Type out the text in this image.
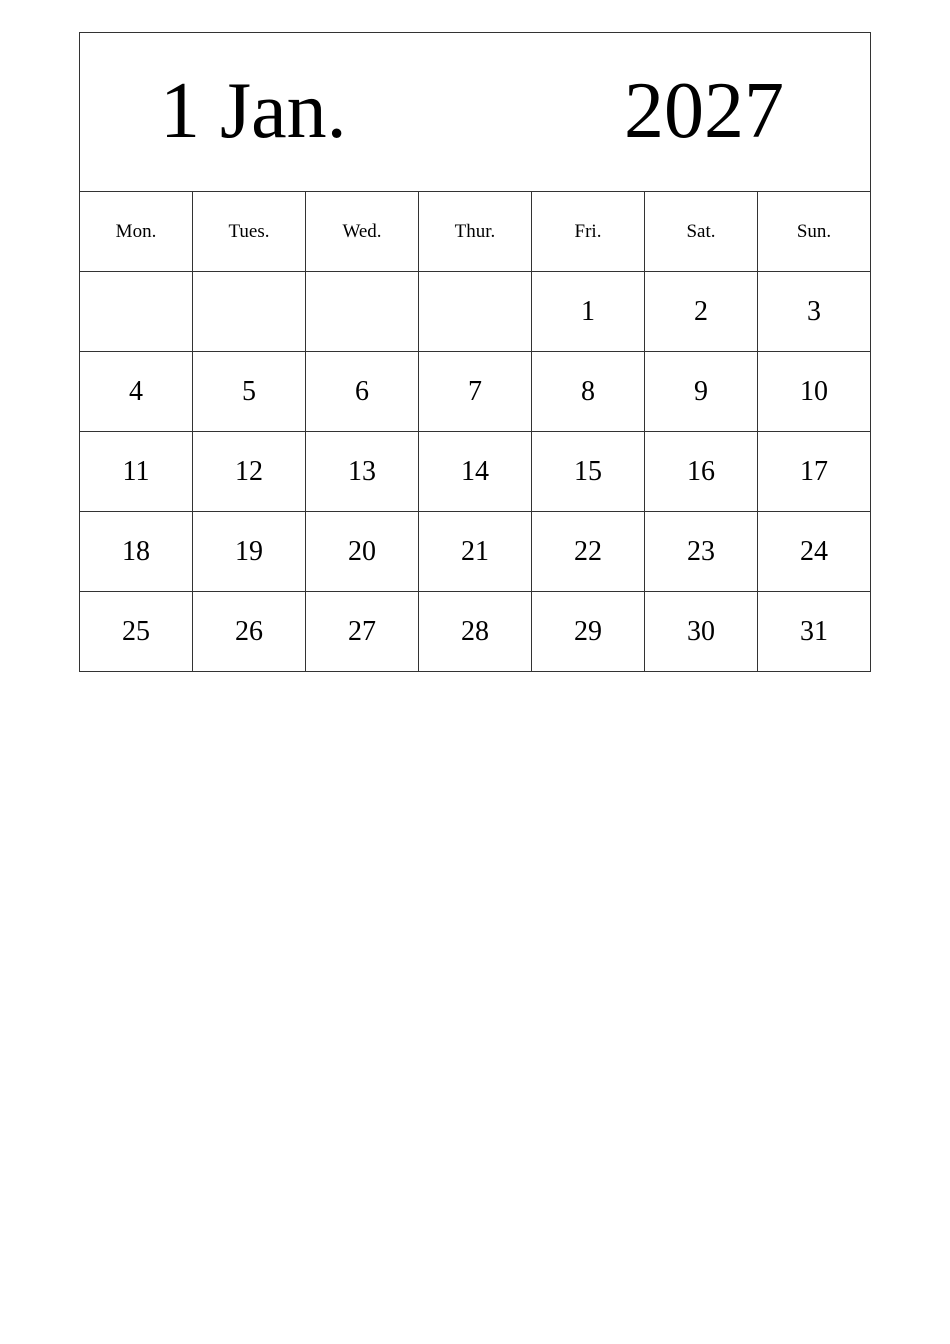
1 Jan. 2027						

Mon.	Tues.	Wed.	Thur.	Fri.	Sat.	Sun.
				1	2	3
4	5	6	7	8	9	10
11	12	13	14	15	16	17
18	19	20	21	22	23	24
25	26	27	28	29	30	31
